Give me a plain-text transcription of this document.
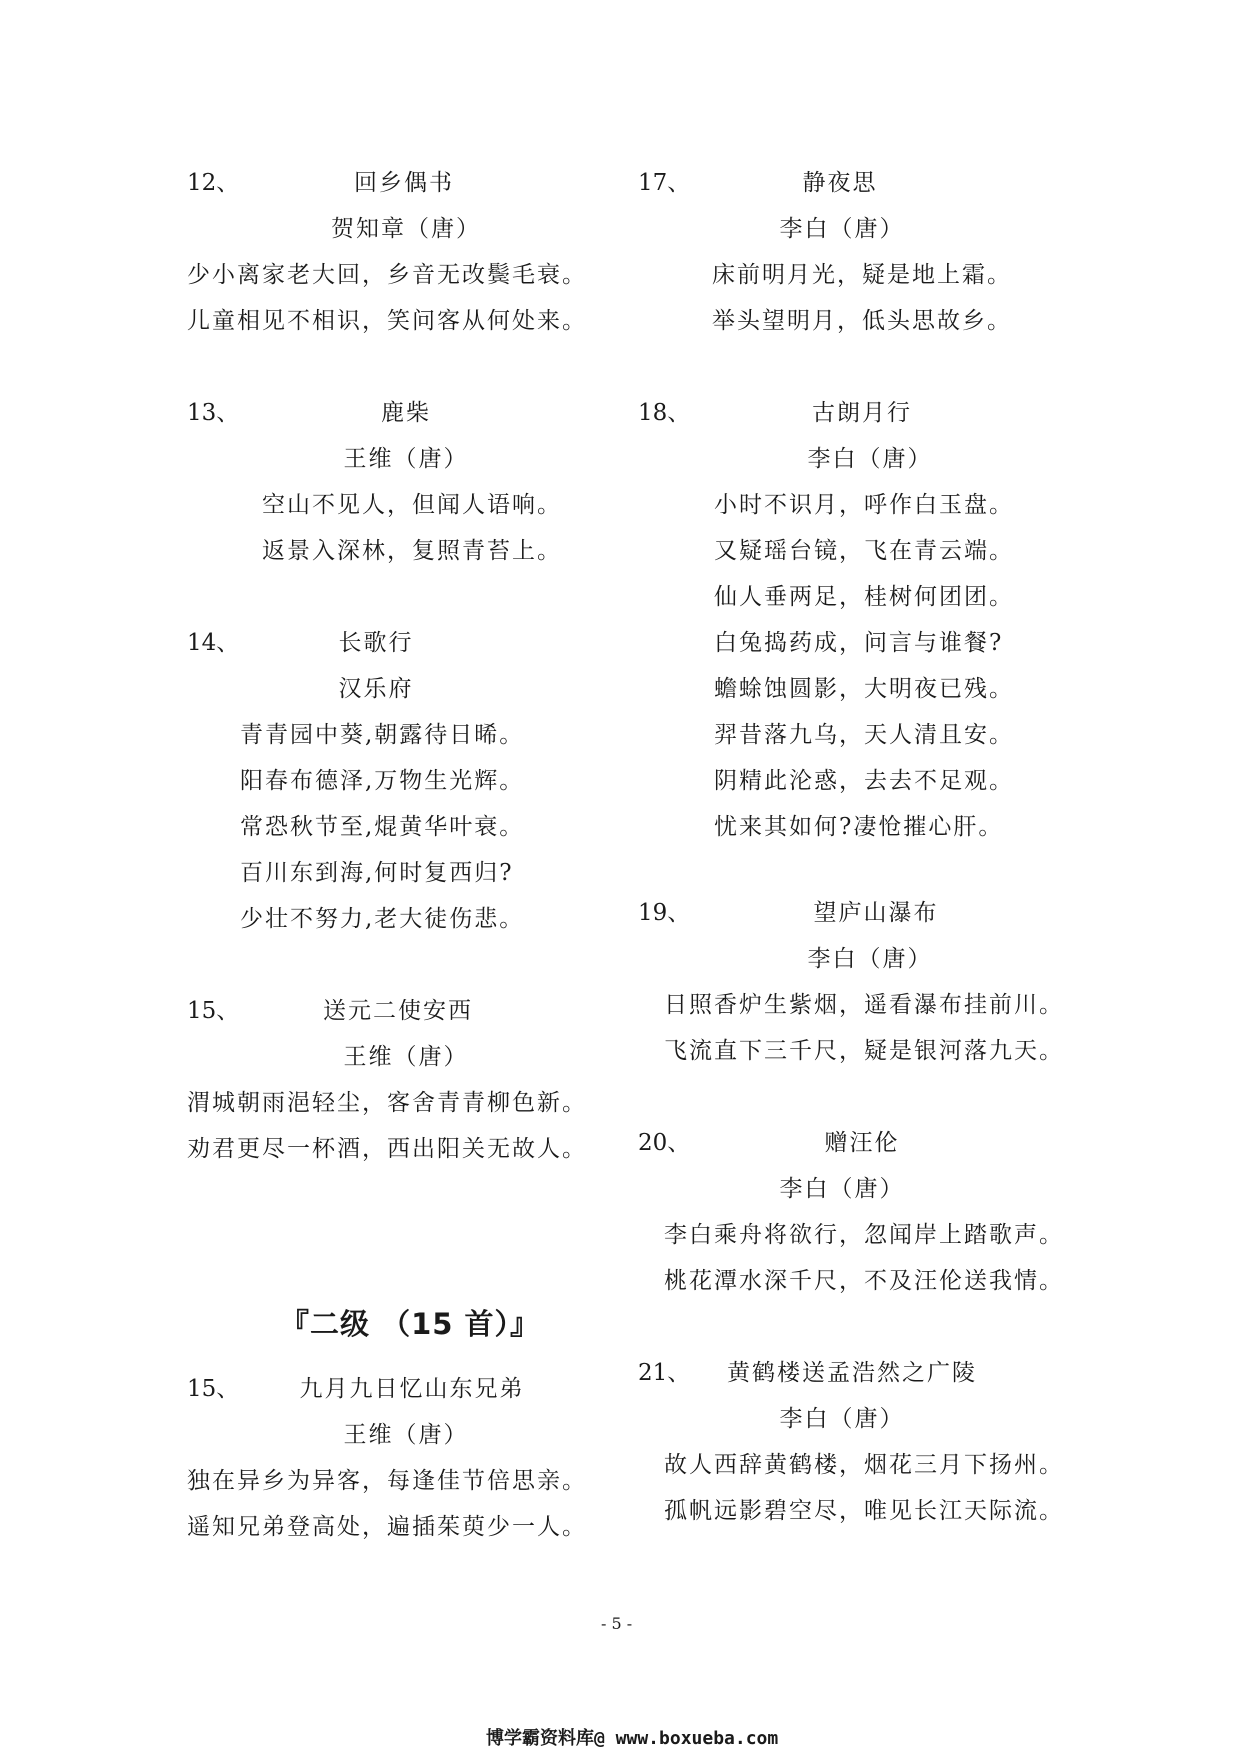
12、	回乡偶书
贺知章（唐）
少小离家老大回，乡音无改鬓毛衰。
儿童相见不相识，笑问客从何处来。
13、	鹿柴
王维（唐）
空山不见人，但闻人语响。
返景入深林，复照青苔上。
14、	长歌行
汉乐府
青青园中葵,朝露待日晞。
阳春布德泽,万物生光辉。
常恐秋节至,焜黄华叶衰。
百川东到海,何时复西归?
少壮不努力,老大徒伤悲。
15、	送元二使安西
王维（唐）
渭城朝雨浥轻尘，客舍青青柳色新。
劝君更尽一杯酒，西出阳关无故人。
『二级 （15 首）』
15、	九月九日忆山东兄弟
王维（唐）
独在异乡为异客，每逢佳节倍思亲。
遥知兄弟登高处，遍插茱萸少一人。
17、	静夜思
李白（唐）
床前明月光，疑是地上霜。
举头望明月，低头思故乡。
18、	古朗月行
李白（唐）
小时不识月，呼作白玉盘。
又疑瑶台镜，飞在青云端。
仙人垂两足，桂树何团团。
白兔捣药成，问言与谁餐?
蟾蜍蚀圆影，大明夜已残。
羿昔落九乌，天人清且安。
阴精此沦惑，去去不足观。
忧来其如何?凄怆摧心肝。
19、	望庐山瀑布
李白（唐）
日照香炉生紫烟，遥看瀑布挂前川。
飞流直下三千尺，疑是银河落九天。
20、	赠汪伦
李白（唐）
李白乘舟将欲行，忽闻岸上踏歌声。
桃花潭水深千尺，不及汪伦送我情。
21、 黄鹤楼送孟浩然之广陵
李白（唐）
故人西辞黄鹤楼，烟花三月下扬州。
孤帆远影碧空尽，唯见长江天际流。
- 5 -
博学霸资料库@ www.boxueba.com
